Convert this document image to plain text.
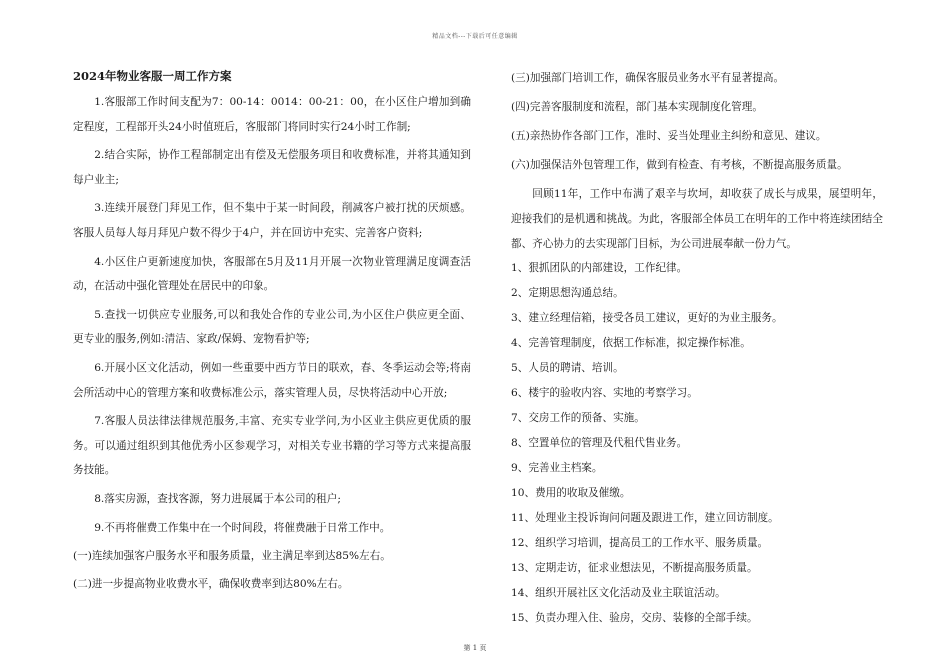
精品文档---下载后可任意编辑
2024年物业客服一周工作方案

1.客服部工作时间支配为7：00-14：0014：00-21：00，在小区住户增加到确定程度，工程部开头24小时值班后，客服部门将同时实行24小时工作制;

2.结合实际，协作工程部制定出有偿及无偿服务项目和收费标准，并将其通知到每户业主;

3.连续开展登门拜见工作，但不集中于某一时间段，削减客户被打扰的厌烦感。客服人员每人每月拜见户数不得少于4户，并在回访中充实、完善客户资料;

4.小区住户更新速度加快，客服部在5月及11月开展一次物业管理满足度调查活动，在活动中强化管理处在居民中的印象。

5.查找一切供应专业服务,可以和我处合作的专业公司,为小区住户供应更全面、更专业的服务,例如:清洁、家政/保姆、宠物看护等;

6.开展小区文化活动，例如一些重要中西方节日的联欢，春、冬季运动会等;将南会所活动中心的管理方案和收费标准公示，落实管理人员，尽快将活动中心开放;

7.客服人员法律法律规范服务,丰富、充实专业学问,为小区业主供应更优质的服务。可以通过组织到其他优秀小区参观学习，对相关专业书籍的学习等方式来提高服务技能。

8.落实房源，查找客源，努力进展属于本公司的租户;

9.不再将催费工作集中在一个时间段，将催费融于日常工作中。

(一)连续加强客户服务水平和服务质量，业主满足率到达85%左右。

(二)进一步提高物业收费水平，确保收费率到达80%左右。

(三)加强部门培训工作，确保客服员业务水平有显著提高。

(四)完善客服制度和流程，部门基本实现制度化管理。

(五)亲热协作各部门工作，准时、妥当处理业主纠纷和意见、建议。

(六)加强保洁外包管理工作，做到有检查、有考核，不断提高服务质量。

回顾11年，工作中布满了艰辛与坎坷，却收获了成长与成果，展望明年，迎接我们的是机遇和挑战。为此，客服部全体员工在明年的工作中将连续团结全都、齐心协力的去实现部门目标，为公司进展奉献一份力气。

1、狠抓团队的内部建设，工作纪律。

2、定期思想沟通总结。

3、建立经理信箱，接受各员工建议，更好的为业主服务。

4、完善管理制度，依据工作标准，拟定操作标准。

5、人员的聘请、培训。

6、楼宇的验收内容、实地的考察学习。

7、交房工作的预备、实施。

8、空置单位的管理及代租代售业务。

9、完善业主档案。

10、费用的收取及催缴。

11、处理业主投诉询问问题及跟进工作，建立回访制度。

12、组织学习培训，提高员工的工作水平、服务质量。

13、定期走访，征求业想法见，不断提高服务质量。

14、组织开展社区文化活动及业主联谊活动。

15、负责办理入住、验房，交房、装修的全部手续。

第 1 页
